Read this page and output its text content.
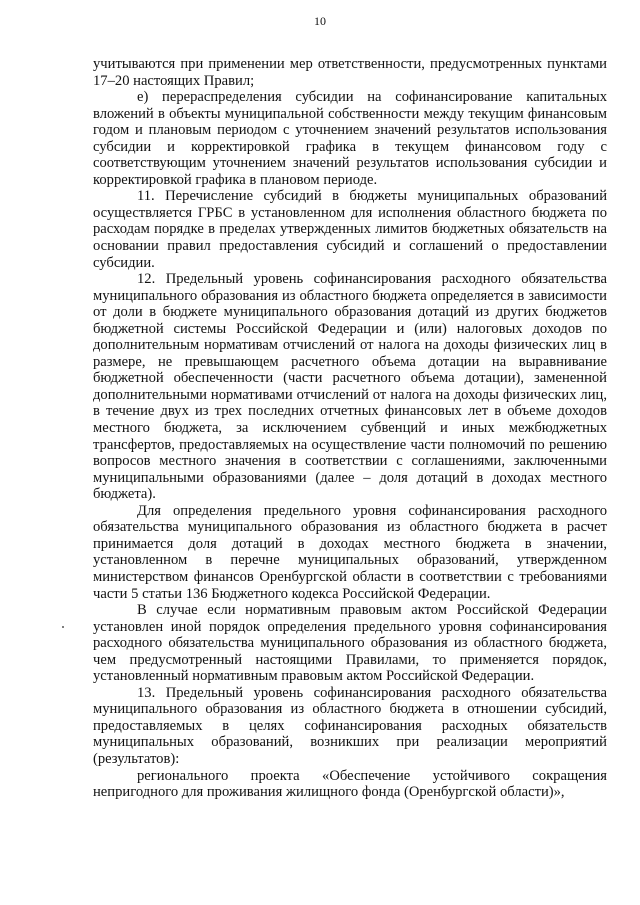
10

учитываются при применении мер ответственности, предусмотренных пунктами 17–20 настоящих Правил;

е) перераспределения субсидии на софинансирование капитальных вложений в объекты муниципальной собственности между текущим финансовым годом и плановым периодом с уточнением значений результатов использования субсидии и корректировкой графика в текущем финансовом году с соответствующим уточнением значений результатов использования субсидии и корректировкой графика в плановом периоде.

11. Перечисление субсидий в бюджеты муниципальных образований осуществляется ГРБС в установленном для исполнения областного бюджета по расходам порядке в пределах утвержденных лимитов бюджетных обязательств на основании правил предоставления субсидий и соглашений о предоставлении субсидии.

12. Предельный уровень софинансирования расходного обязательства муниципального образования из областного бюджета определяется в зависимости от доли в бюджете муниципального образования дотаций из других бюджетов бюджетной системы Российской Федерации и (или) налоговых доходов по дополнительным нормативам отчислений от налога на доходы физических лиц в размере, не превышающем расчетного объема дотации на выравнивание бюджетной обеспеченности (части расчетного объема дотации), замененной дополнительными нормативами отчислений от налога на доходы физических лиц, в течение двух из трех последних отчетных финансовых лет в объеме доходов местного бюджета, за исключением субвенций и иных межбюджетных трансфертов, предоставляемых на осуществление части полномочий по решению вопросов местного значения в соответствии с соглашениями, заключенными муниципальными образованиями (далее – доля дотаций в доходах местного бюджета).

Для определения предельного уровня софинансирования расходного обязательства муниципального образования из областного бюджета в расчет принимается доля дотаций в доходах местного бюджета в значении, установленном в перечне муниципальных образований, утвержденном министерством финансов Оренбургской области в соответствии с требованиями части 5 статьи 136 Бюджетного кодекса Российской Федерации.

В случае если нормативным правовым актом Российской Федерации установлен иной порядок определения предельного уровня софинансирования расходного обязательства муниципального образования из областного бюджета, чем предусмотренный настоящими Правилами, то применяется порядок, установленный нормативным правовым актом Российской Федерации.

13. Предельный уровень софинансирования расходного обязательства муниципального образования из областного бюджета в отношении субсидий, предоставляемых в целях софинансирования расходных обязательств муниципальных образований, возникших при реализации мероприятий (результатов):

регионального проекта «Обеспечение устойчивого сокращения непригодного для проживания жилищного фонда (Оренбургской области)»,
